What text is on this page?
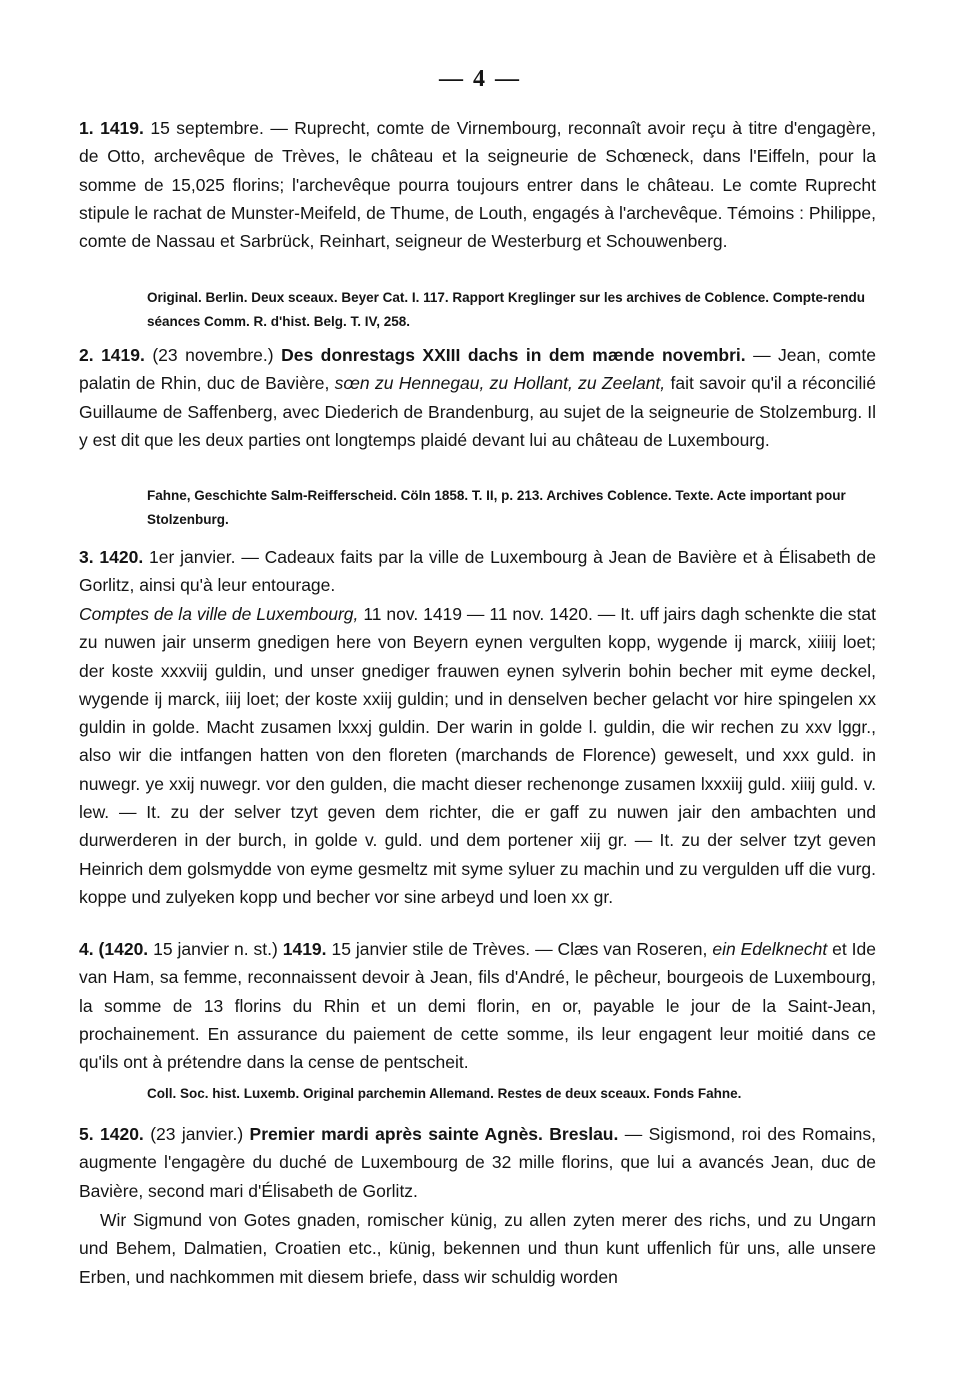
— 4 —
1. 1419. 15 septembre. — Ruprecht, comte de Virnembourg, reconnaît avoir reçu à titre d'engagère, de Otto, archevêque de Trèves, le château et la seigneurie de Schœneck, dans l'Eiffeln, pour la somme de 15,025 florins; l'archevêque pourra toujours entrer dans le château. Le comte Ruprecht stipule le rachat de Munster-Meifeld, de Thume, de Louth, engagés à l'archevêque. Témoins : Philippe, comte de Nassau et Sarbrück, Reinhart, seigneur de Westerburg et Schouwenberg.
Original. Berlin. Deux sceaux. Beyer Cat. I. 117. Rapport Kreglinger sur les archives de Coblence. Compte-rendu séances Comm. R. d'hist. Belg. T. IV, 258.
2. 1419. (23 novembre.) Des donrestags XXIII dachs in dem mænde novembri. — Jean, comte palatin de Rhin, duc de Bavière, sœn zu Hennegau, zu Hollant, zu Zeelant, fait savoir qu'il a réconcilié Guillaume de Saffenberg, avec Diederich de Brandenburg, au sujet de la seigneurie de Stolzemburg. Il y est dit que les deux parties ont longtemps plaidé devant lui au château de Luxembourg.
Fahne, Geschichte Salm-Reifferscheid. Cöln 1858. T. II, p. 213. Archives Coblence. Texte. Acte important pour Stolzenburg.
3. 1420. 1er janvier. — Cadeaux faits par la ville de Luxembourg à Jean de Bavière et à Élisabeth de Gorlitz, ainsi qu'à leur entourage.
Comptes de la ville de Luxembourg, 11 nov. 1419 — 11 nov. 1420. — It. uff jairs dagh schenkte die stat zu nuwen jair unserm gnedigen here von Beyern eynen vergulten kopp, wygende ij marck, xiiiij loet; der koste xxxviij guldin, und unser gnediger frauwen eynen sylverin bohin becher mit eyme deckel, wygende ij marck, iiij loet; der koste xxiij guldin; und in denselven becher gelacht vor hire spingelen xx guldin in golde. Macht zusamen lxxxj guldin. Der warin in golde l. guldin, die wir rechen zu xxv lggr., also wir die intfangen hatten von den floreten (marchands de Florence) geweselt, und xxx guld. in nuwegr. ye xxij nuwegr. vor den gulden, die macht dieser rechenonge zusamen lxxxiij guld. xiiij guld. v. lew. — It. zu der selver tzyt geven dem richter, die er gaff zu nuwen jair den ambachten und durwerderen in der burch, in golde v. guld. und dem portener xiij gr. — It. zu der selver tzyt geven Heinrich dem golsmydde von eyme gesmeltz mit syme syluer zu machin und zu vergulden uff die vurg. koppe und zulyeken kopp und becher vor sine arbeyd und loen xx gr.
4. (1420. 15 janvier n. st.) 1419. 15 janvier stile de Trèves. — Clæs van Roseren, ein Edelknecht et Ide van Ham, sa femme, reconnaissent devoir à Jean, fils d'André, le pêcheur, bourgeois de Luxembourg, la somme de 13 florins du Rhin et un demi florin, en or, payable le jour de la Saint-Jean, prochainement. En assurance du paiement de cette somme, ils leur engagent leur moitié dans ce qu'ils ont à prétendre dans la cense de pentscheit.
Coll. Soc. hist. Luxemb. Original parchemin Allemand. Restes de deux sceaux. Fonds Fahne.
5. 1420. (23 janvier.) Premier mardi après sainte Agnès. Breslau. — Sigismond, roi des Romains, augmente l'engagère du duché de Luxembourg de 32 mille florins, que lui a avancés Jean, duc de Bavière, second mari d'Élisabeth de Gorlitz.
Wir Sigmund von Gotes gnaden, romischer künig, zu allen zyten merer des richs, und zu Ungarn und Behem, Dalmatien, Croatien etc., künig, bekennen und thun kunt uffenlich für uns, alle unsere Erben, und nachkommen mit diesem briefe, dass wir schuldig worden
